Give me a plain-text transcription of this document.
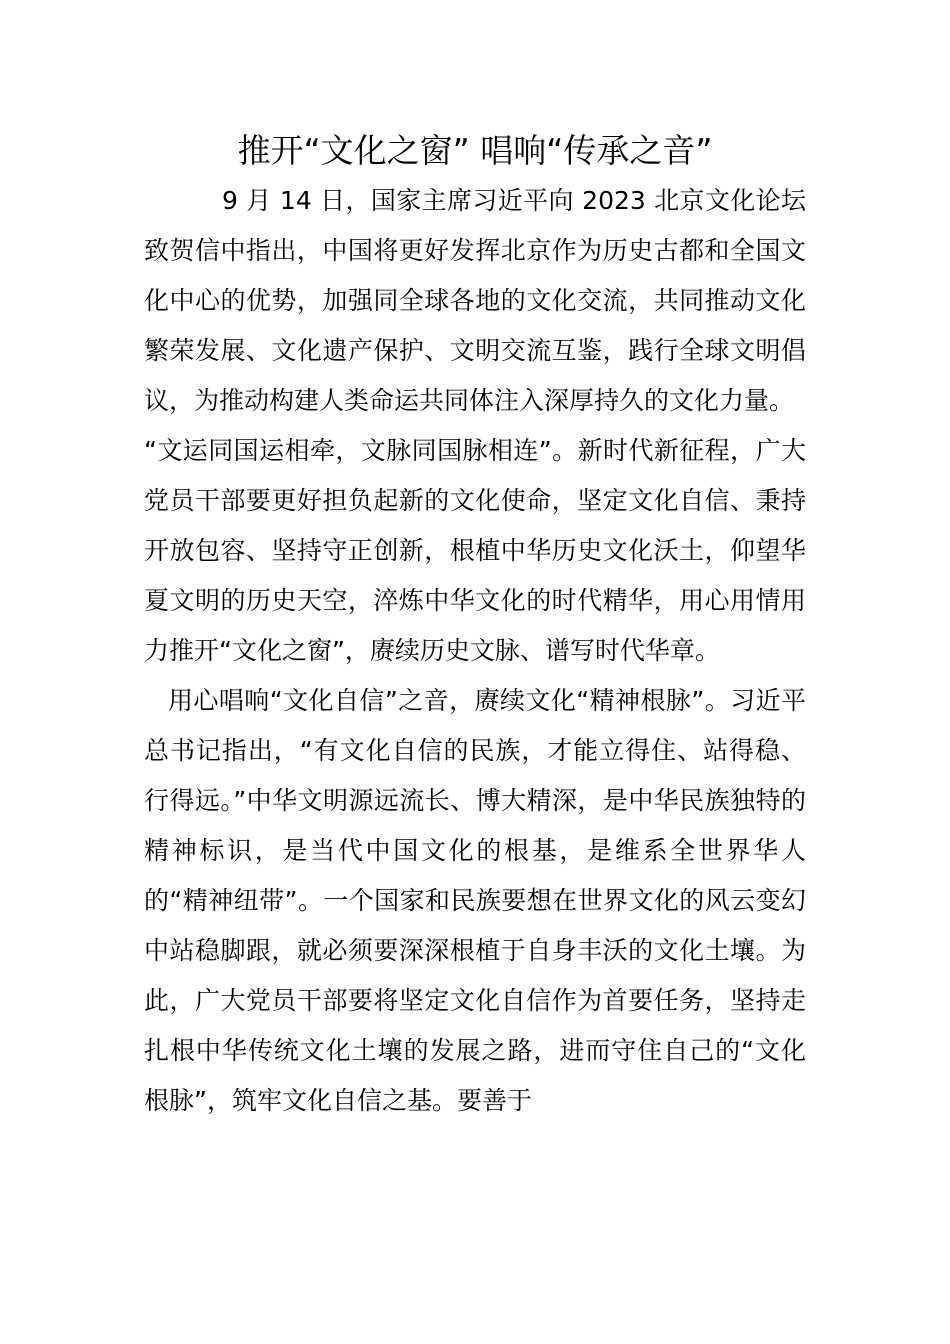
推开“文化之窗” 唱响“传承之音”

9 月 14 日，国家主席习近平向 2023 北京文化论坛致贺信中指出，中国将更好发挥北京作为历史古都和全国文化中心的优势，加强同全球各地的文化交流，共同推动文化繁荣发展、文化遗产保护、文明交流互鉴，践行全球文明倡议，为推动构建人类命运共同体注入深厚持久的文化力量。

“文运同国运相牵，文脉同国脉相连”。新时代新征程，广大党员干部要更好担负起新的文化使命，坚定文化自信、秉持开放包容、坚持守正创新，根植中华历史文化沃土，仰望华夏文明的历史天空，淬炼中华文化的时代精华，用心用情用力推开“文化之窗”，赓续历史文脉、谱写时代华章。

用心唱响“文化自信”之音，赓续文化“精神根脉”。习近平总书记指出，“有文化自信的民族，才能立得住、站得稳、行得远。”中华文明源远流长、博大精深，是中华民族独特的精神标识，是当代中国文化的根基，是维系全世界华人的“精神纽带”。一个国家和民族要想在世界文化的风云变幻中站稳脚跟，就必须要深深根植于自身丰沃的文化土壤。为此，广大党员干部要将坚定文化自信作为首要任务，坚持走扎根中华传统文化土壤的发展之路，进而守住自己的“文化根脉”，筑牢文化自信之基。要善于
